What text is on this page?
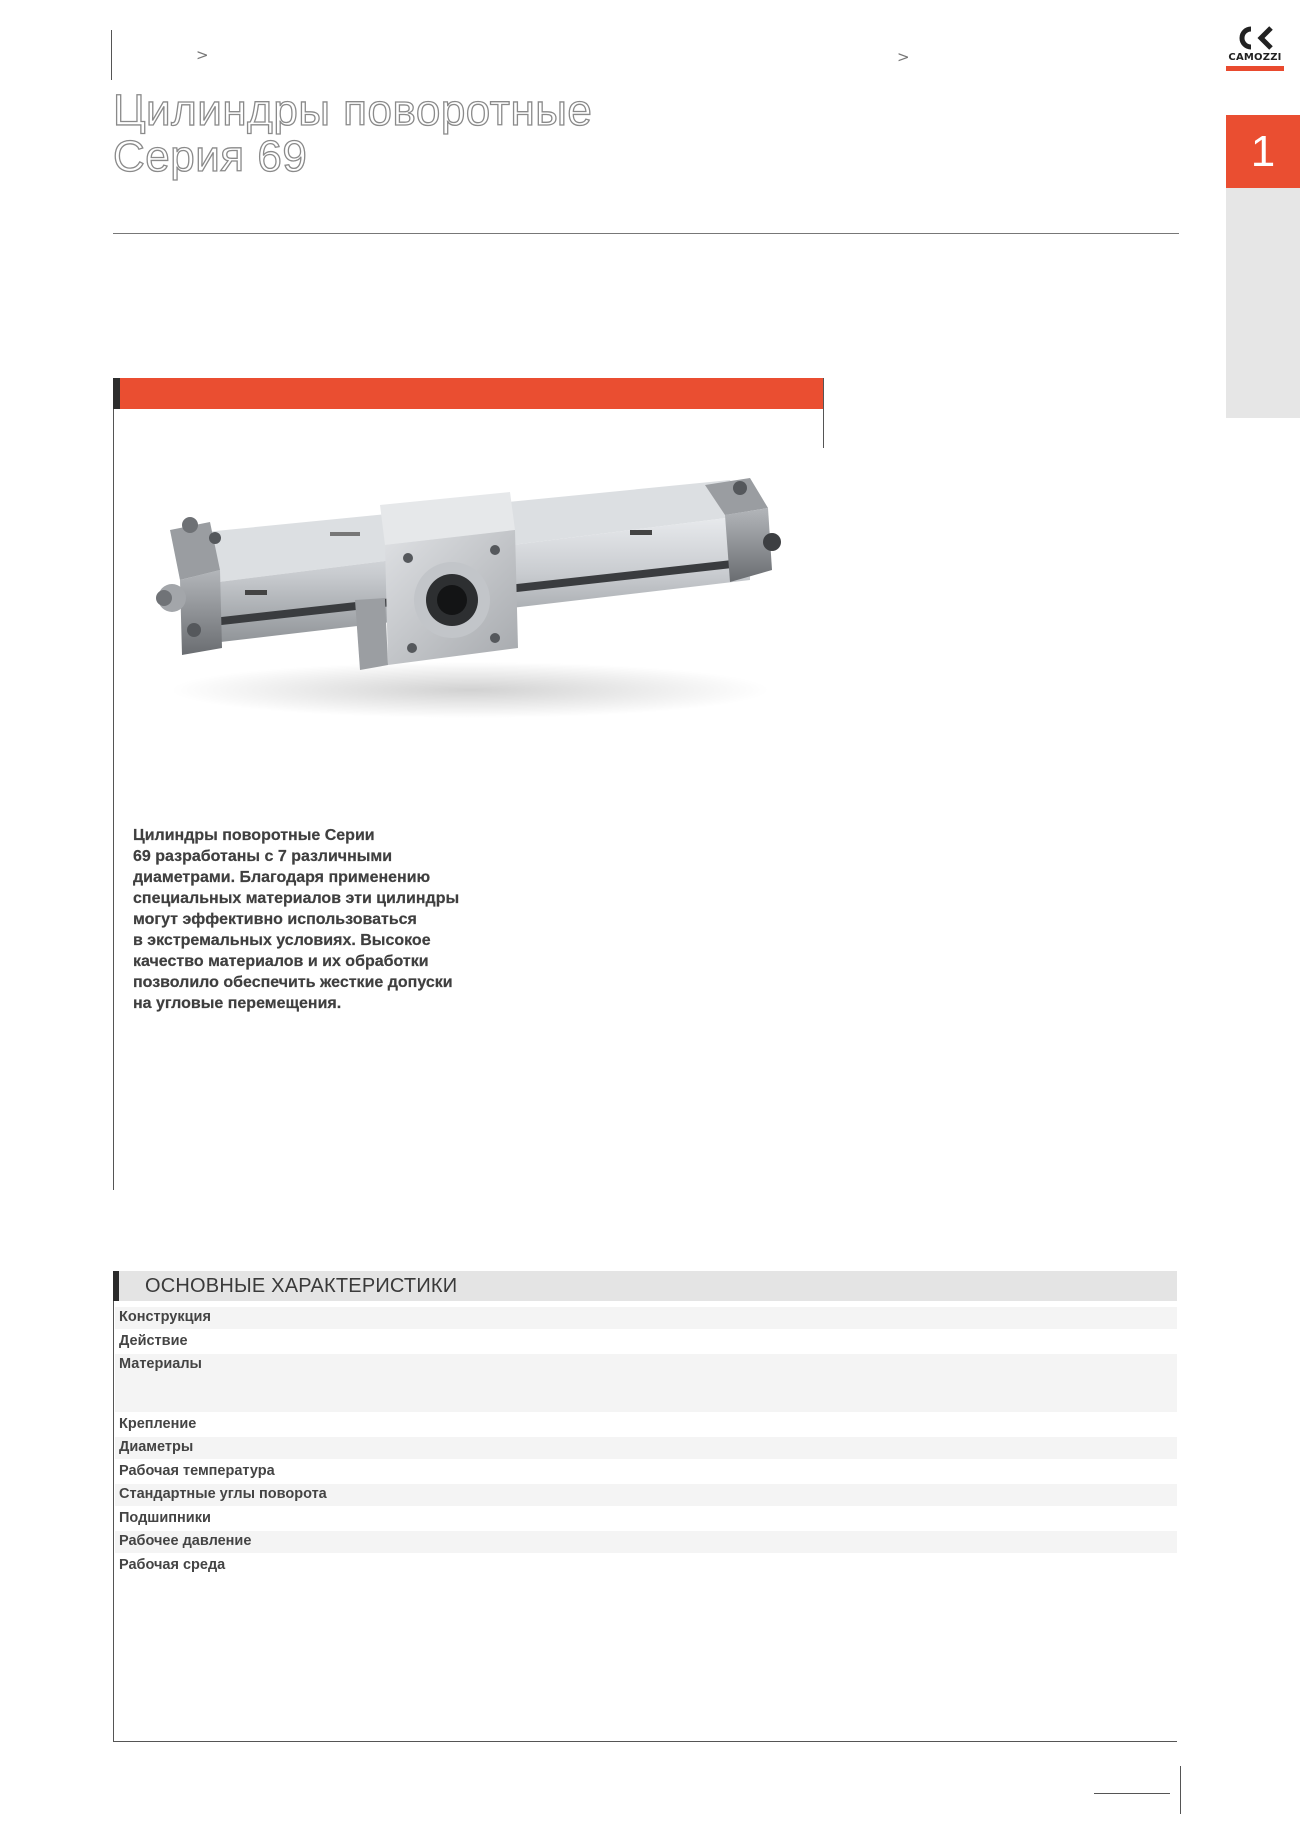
>	>
Цилиндры поворотные
Серия 69
CAMOZZI
1
Цилиндры поворотные Серии
69 разработаны с 7 различными
диаметрами. Благодаря применению
специальных материалов эти цилиндры
могут эффективно использоваться
в экстремальных условиях. Высокое
качество материалов и их обработки
позволило обеспечить жесткие допуски
на угловые перемещения.
ОСНОВНЫЕ ХАРАКТЕРИСТИКИ
Конструкция
Действие
Материалы
Крепление
Диаметры
Рабочая температура
Стандартные углы поворота
Подшипники
Рабочее давление
Рабочая среда
